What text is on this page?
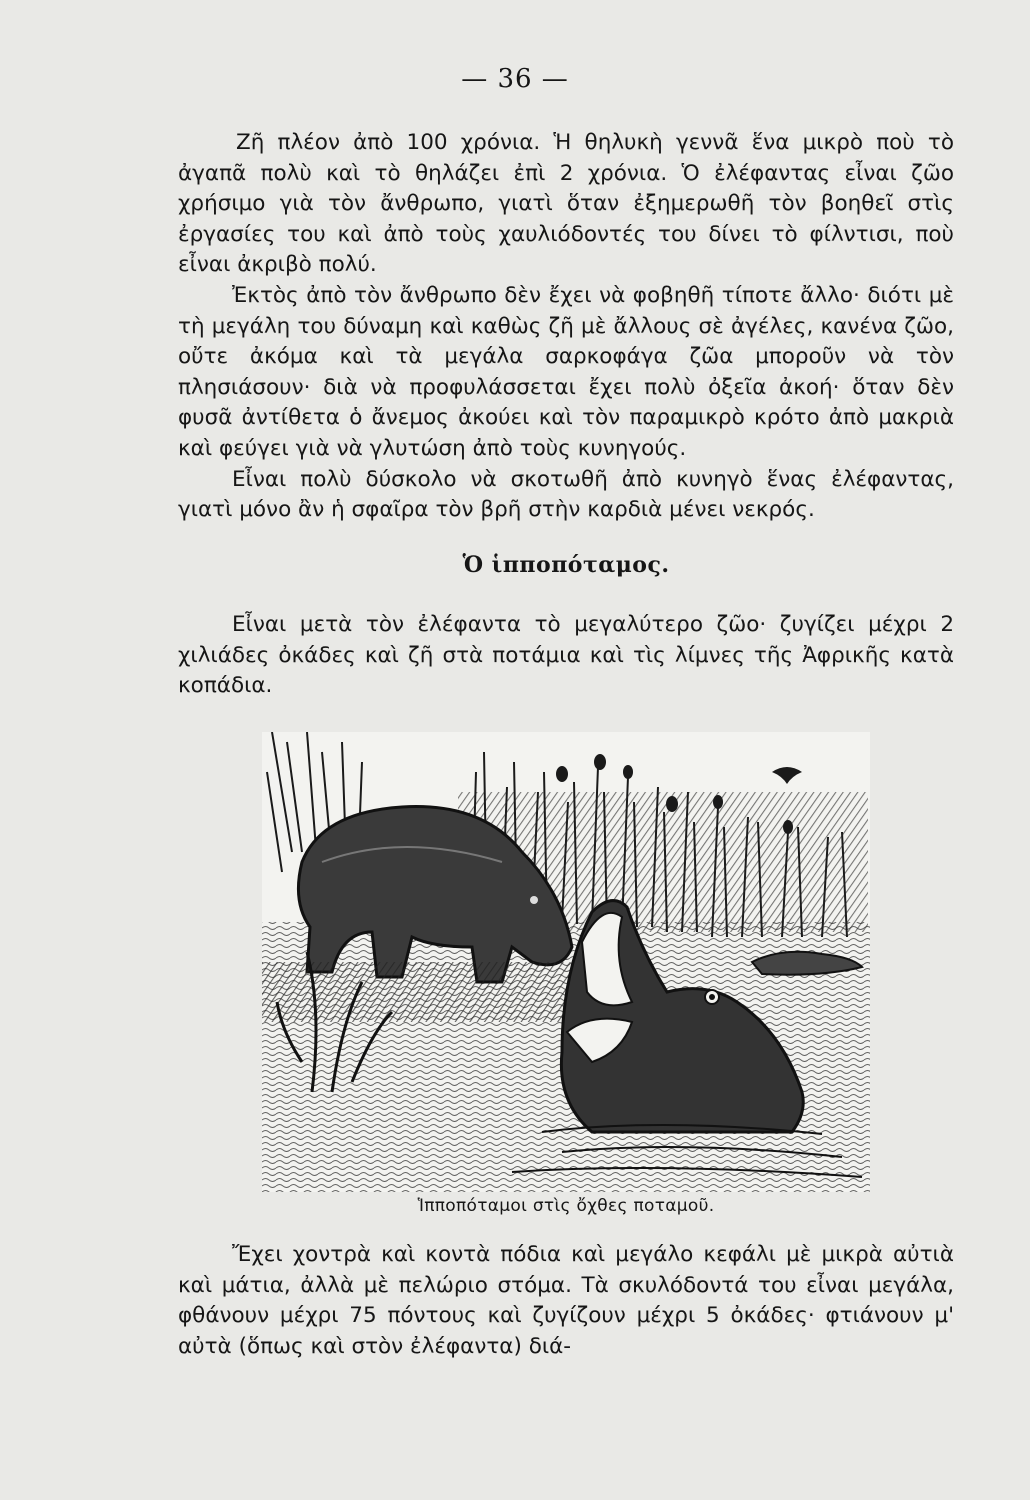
— 36 —

Ζῆ πλέον ἀπὸ 100 χρόνια. Ἡ θηλυκὴ γεννᾶ ἕνα μικρὸ ποὺ τὸ ἀγαπᾶ πολὺ καὶ τὸ θηλάζει ἐπὶ 2 χρόνια. Ὁ ἐλέφαντας εἶναι ζῶο χρήσιμο γιὰ τὸν ἄνθρωπο, γιατὶ ὅταν ἐξημερωθῆ τὸν βοηθεῖ στὶς ἐργασίες του καὶ ἀπὸ τοὺς χαυλιόδοντές του δίνει τὸ φίλντισι, ποὺ εἶναι ἀκριβὸ πολύ.

Ἐκτὸς ἀπὸ τὸν ἄνθρωπο δὲν ἔχει νὰ φοβηθῆ τίποτε ἄλλο· διότι μὲ τὴ μεγάλη του δύναμη καὶ καθὼς ζῆ μὲ ἄλλους σὲ ἀγέλες, κανένα ζῶο, οὔτε ἀκόμα καὶ τὰ μεγάλα σαρκοφάγα ζῶα μποροῦν νὰ τὸν πλησιάσουν· διὰ νὰ προφυλάσσεται ἔχει πολὺ ὀξεῖα ἀκοή· ὅταν δὲν φυσᾶ ἀντίθετα ὁ ἄνεμος ἀκούει καὶ τὸν παραμικρὸ κρότο ἀπὸ μακριὰ καὶ φεύγει γιὰ νὰ γλυτώση ἀπὸ τοὺς κυνηγούς.

Εἶναι πολὺ δύσκολο νὰ σκοτωθῆ ἀπὸ κυνηγὸ ἕνας ἐλέφαντας, γιατὶ μόνο ἂν ἡ σφαῖρα τὸν βρῆ στὴν καρδιὰ μένει νεκρός.

Ὁ ἱπποπόταμος.

Εἶναι μετὰ τὸν ἐλέφαντα τὸ μεγαλύτερο ζῶο· ζυγίζει μέχρι 2 χιλιάδες ὀκάδες καὶ ζῆ στὰ ποτάμια καὶ τὶς λίμνες τῆς Ἀφρικῆς κατὰ κοπάδια.

Ἱπποπόταμοι στὶς ὄχθες ποταμοῦ.

Ἔχει χοντρὰ καὶ κοντὰ πόδια καὶ μεγάλο κεφάλι μὲ μικρὰ αὐτιὰ καὶ μάτια, ἀλλὰ μὲ πελώριο στόμα. Τὰ σκυλόδοντά του εἶναι μεγάλα, φθάνουν μέχρι 75 πόντους καὶ ζυγίζουν μέχρι 5 ὀκάδες· φτιάνουν μ' αὐτὰ (ὅπως καὶ στὸν ἐλέφαντα) διά-
